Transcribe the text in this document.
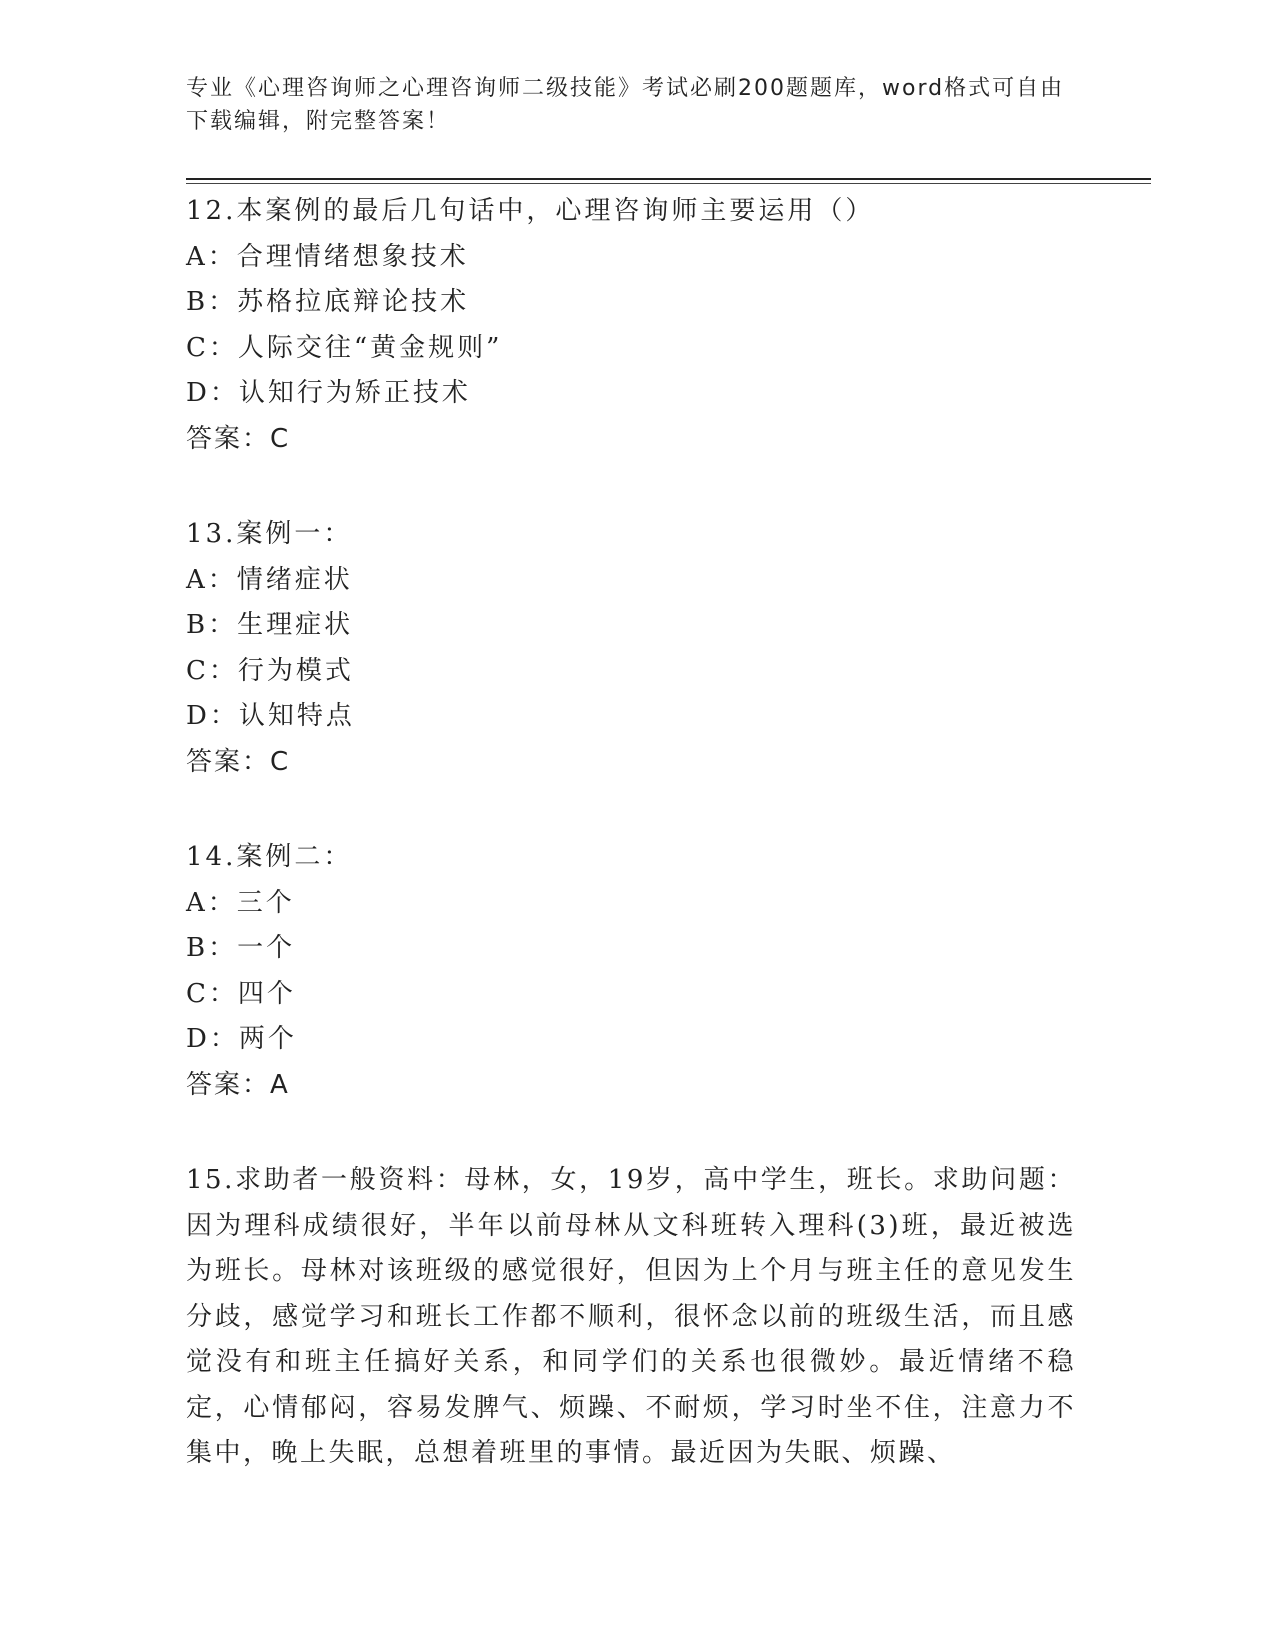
专业《心理咨询师之心理咨询师二级技能》考试必刷200题题库，word格式可自由下载编辑，附完整答案！
12.本案例的最后几句话中，心理咨询师主要运用（）
A：合理情绪想象技术
B：苏格拉底辩论技术
C：人际交往“黄金规则”
D：认知行为矫正技术
答案：C
13.案例一：
A：情绪症状
B：生理症状
C：行为模式
D：认知特点
答案：C
14.案例二：
A：三个
B：一个
C：四个
D：两个
答案：A
15.求助者一般资料：母林，女，19岁，高中学生，班长。求助问题：因为理科成绩很好，半年以前母林从文科班转入理科(3)班，最近被选为班长。母林对该班级的感觉很好，但因为上个月与班主任的意见发生分歧，感觉学习和班长工作都不顺利，很怀念以前的班级生活，而且感觉没有和班主任搞好关系，和同学们的关系也很微妙。最近情绪不稳定，心情郁闷，容易发脾气、烦躁、不耐烦，学习时坐不住，注意力不集中，晚上失眠，总想着班里的事情。最近因为失眠、烦躁、
